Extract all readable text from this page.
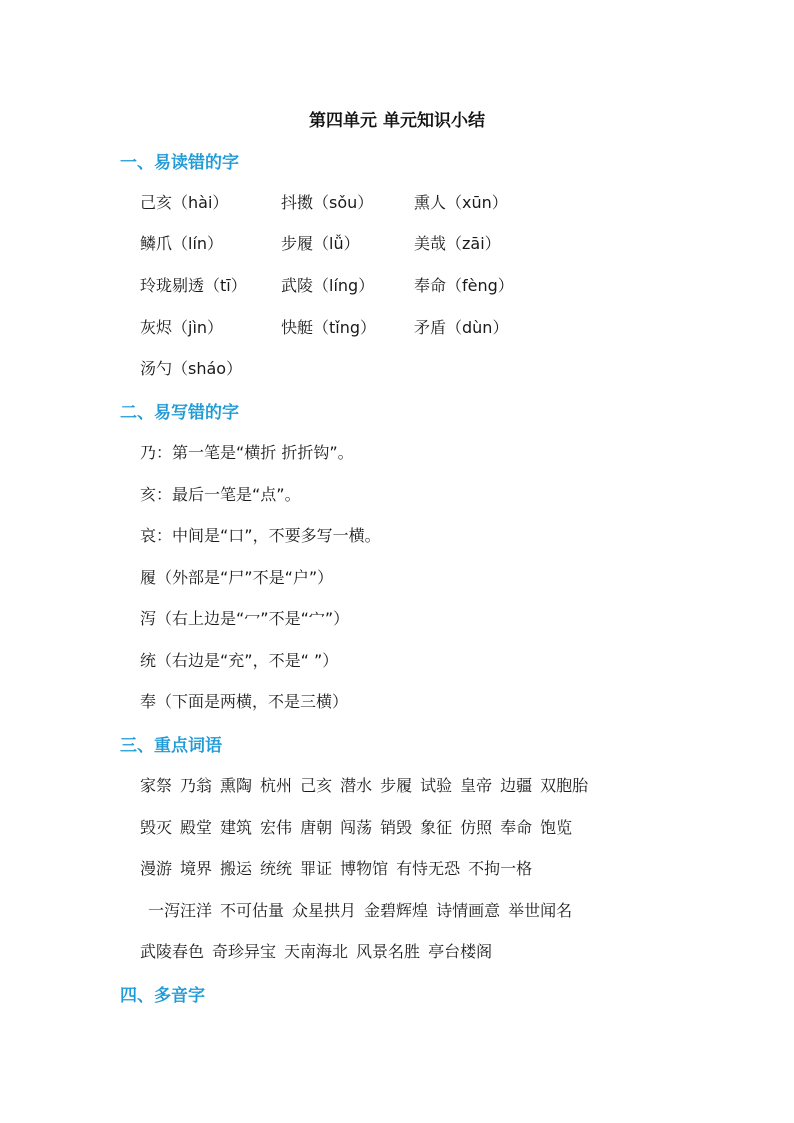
第四单元 单元知识小结
一、易读错的字
己亥（hài）	抖擞（sǒu）	熏人（xūn）
鳞爪（lín）	步履（lǚ）	美哉（zāi）
玲珑剔透（tī） 武陵（líng） 奉命（fèng）
灰烬（jìn）	快艇（tǐng） 矛盾（dùn）
汤勺（sháo）
二、易写错的字
乃：第一笔是“横折 折折钩”。
亥：最后一笔是“点”。
哀：中间是“口”，不要多写一横。
履（外部是“尸”不是“户”）
泻（右上边是“冖”不是“宀”）
统（右边是“充”，不是“ ”）
奉（下面是两横，不是三横）
三、重点词语
家祭 乃翁 熏陶 杭州 己亥 潜水 步履 试验 皇帝 边疆 双胞胎
毁灭 殿堂 建筑 宏伟 唐朝 闯荡 销毁 象征 仿照 奉命 饱览
漫游 境界 搬运 统统 罪证 博物馆 有恃无恐 不拘一格
一泻汪洋 不可估量 众星拱月 金碧辉煌 诗情画意 举世闻名
武陵春色 奇珍异宝 天南海北 风景名胜 亭台楼阁
四、多音字
